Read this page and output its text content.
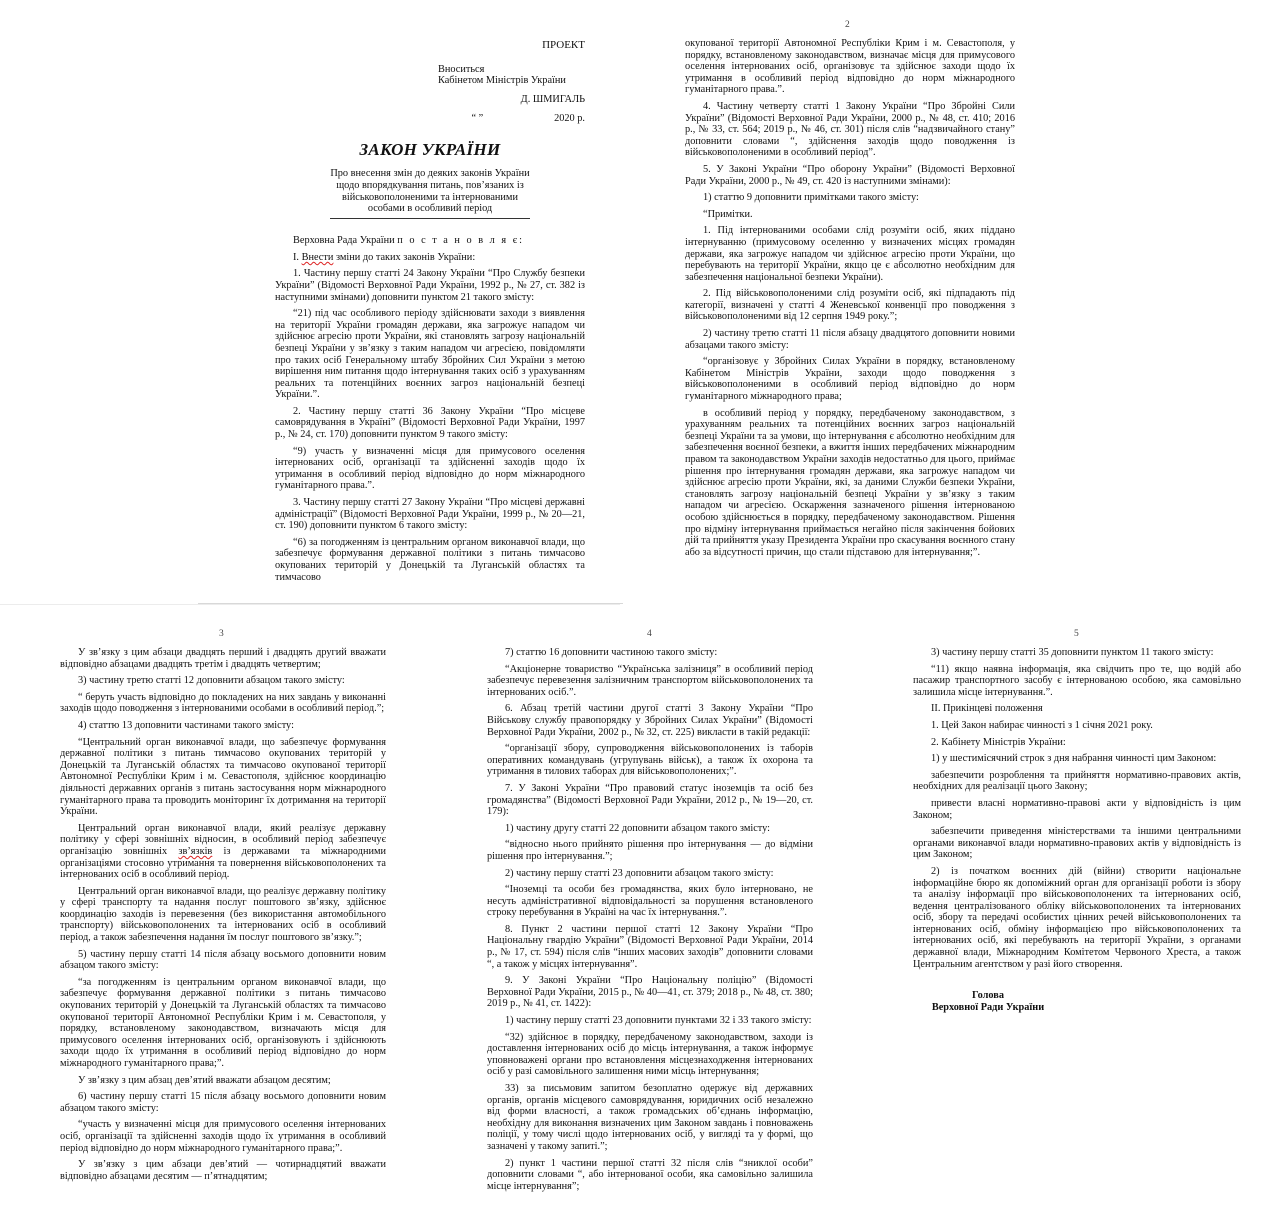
ПРОЕКТ
Вноситься
Кабінетом Міністрів України
Д. ШМИГАЛЬ
“ ”	2020 р.
ЗАКОН УКРАЇНИ
Про внесення змін до деяких законів України щодо впорядкування питань, пов’язаних із військовополоненими та інтернованими особами в особливий період

Верховна Рада України п о с т а н о в л я є:

І. Внести зміни до таких законів України:

1. Частину першу статті 24 Закону України “Про Службу безпеки України” (Відомості Верховної Ради України, 1992 р., № 27, ст. 382 із наступними змінами) доповнити пунктом 21 такого змісту:

“21) під час особливого періоду здійснювати заходи з виявлення на території України громадян держави, яка загрожує нападом чи здійснює агресію проти України, які становлять загрозу національній безпеці України у зв’язку з таким нападом чи агресією, повідомляти про таких осіб Генеральному штабу Збройних Сил України з метою вирішення ним питання щодо інтернування таких осіб з урахуванням реальних та потенційних воєнних загроз національній безпеці України.”.

2. Частину першу статті 36 Закону України “Про місцеве самоврядування в Україні” (Відомості Верховної Ради України, 1997 р., № 24, ст. 170) доповнити пунктом 9 такого змісту:

“9) участь у визначенні місця для примусового оселення інтернованих осіб, організації та здійсненні заходів щодо їх утримання в особливий період відповідно до норм міжнародного гуманітарного права.”.

3. Частину першу статті 27 Закону України “Про місцеві державні адміністрації” (Відомості Верховної Ради України, 1999 р., № 20—21, ст. 190) доповнити пунктом 6 такого змісту:

“6) за погодженням із центральним органом виконавчої влади, що забезпечує формування державної політики з питань тимчасово окупованих територій у Донецькій та Луганській областях та тимчасово

2

окупованої території Автономної Республіки Крим і м. Севастополя, у порядку, встановленому законодавством, визначає місця для примусового оселення інтернованих осіб, організовує та здійснює заходи щодо їх утримання в особливий період відповідно до норм міжнародного гуманітарного права.”.

4. Частину четверту статті 1 Закону України “Про Збройні Сили України” (Відомості Верховної Ради України, 2000 р., № 48, ст. 410; 2016 р., № 33, ст. 564; 2019 р., № 46, ст. 301) після слів “надзвичайного стану” доповнити словами “, здійснення заходів щодо поводження із військовополоненими в особливий період”.

5. У Законі України “Про оборону України” (Відомості Верховної Ради України, 2000 р., № 49, ст. 420 із наступними змінами):

1) статтю 9 доповнити примітками такого змісту:

“Примітки.

1. Під інтернованими особами слід розуміти осіб, яких піддано інтернуванню (примусовому оселенню у визначених місцях громадян держави, яка загрожує нападом чи здійснює агресію проти України, що перебувають на території України, якщо це є абсолютно необхідним для забезпечення національної безпеки України).

2. Під військовополоненими слід розуміти осіб, які підпадають під категорії, визначені у статті 4 Женевської конвенції про поводження з військовополоненими від 12 серпня 1949 року.”;

2) частину третю статті 11 після абзацу двадцятого доповнити новими абзацами такого змісту:

“організовує у Збройних Силах України в порядку, встановленому Кабінетом Міністрів України, заходи щодо поводження з військовополоненими в особливий період відповідно до норм гуманітарного міжнародного права;

в особливий період у порядку, передбаченому законодавством, з урахуванням реальних та потенційних воєнних загроз національній безпеці України та за умови, що інтернування є абсолютно необхідним для забезпечення воєнної безпеки, а вжиття інших передбачених міжнародним правом та законодавством України заходів недостатньо для цього, приймає рішення про інтернування громадян держави, яка загрожує нападом чи здійснює агресію проти України, які, за даними Служби безпеки України, становлять загрозу національній безпеці України у зв’язку з таким нападом чи агресією. Оскарження зазначеного рішення інтернованою особою здійснюється в порядку, передбаченому законодавством. Рішення про відміну інтернування приймається негайно після закінчення бойових дій та прийняття указу Президента України про скасування воєнного стану або за відсутності причин, що стали підставою для інтернування;”.

3

У зв’язку з цим абзаци двадцять перший і двадцять другий вважати відповідно абзацами двадцять третім і двадцять четвертим;

3) частину третю статті 12 доповнити абзацом такого змісту:

“ беруть участь відповідно до покладених на них завдань у виконанні заходів щодо поводження з інтернованими особами в особливий період.”;

4) статтю 13 доповнити частинами такого змісту:

“Центральний орган виконавчої влади, що забезпечує формування державної політики з питань тимчасово окупованих територій у Донецькій та Луганській областях та тимчасово окупованої території Автономної Республіки Крим і м. Севастополя, здійснює координацію діяльності державних органів з питань застосування норм міжнародного гуманітарного права та проводить моніторинг їх дотримання на території України.

Центральний орган виконавчої влади, який реалізує державну політику у сфері зовнішніх відносин, в особливий період забезпечує організацію зовнішніх зв’язків із державами та міжнародними організаціями стосовно утримання та повернення військовополонених та інтернованих осіб в особливий період.

Центральний орган виконавчої влади, що реалізує державну політику у сфері транспорту та надання послуг поштового зв’язку, здійснює координацію заходів із перевезення (без використання автомобільного транспорту) військовополонених та інтернованих осіб в особливий період, а також забезпечення надання їм послуг поштового зв’язку.”;

5) частину першу статті 14 після абзацу восьмого доповнити новим абзацом такого змісту:

“за погодженням із центральним органом виконавчої влади, що забезпечує формування державної політики з питань тимчасово окупованих територій у Донецькій та Луганській областях та тимчасово окупованої території Автономної Республіки Крим і м. Севастополя, у порядку, встановленому законодавством, визначають місця для примусового оселення інтернованих осіб, організовують і здійснюють заходи щодо їх утримання в особливий період відповідно до норм міжнародного гуманітарного права;”.

У зв’язку з цим абзац дев’ятий вважати абзацом десятим;

6) частину першу статті 15 після абзацу восьмого доповнити новим абзацом такого змісту:

“участь у визначенні місця для примусового оселення інтернованих осіб, організації та здійсненні заходів щодо їх утримання в особливий період відповідно до норм міжнародного гуманітарного права;”.

У зв’язку з цим абзаци дев’ятий — чотирнадцятий вважати відповідно абзацами десятим — п’ятнадцятим;

4

7) статтю 16 доповнити частиною такого змісту:

“Акціонерне товариство “Українська залізниця” в особливий період забезпечує перевезення залізничним транспортом військовополонених та інтернованих осіб.”.

6. Абзац третій частини другої статті 3 Закону України “Про Військову службу правопорядку у Збройних Силах України” (Відомості Верховної Ради України, 2002 р., № 32, ст. 225) викласти в такій редакції:

“організації збору, супроводження військовополонених із таборів оперативних командувань (угрупувань військ), а також їх охорона та утримання в тилових таборах для військовополонених;”.

7. У Законі України “Про правовий статус іноземців та осіб без громадянства” (Відомості Верховної Ради України, 2012 р., № 19—20, ст. 179):

1) частину другу статті 22 доповнити абзацом такого змісту:

“відносно нього прийнято рішення про інтернування — до відміни рішення про інтернування.”;

2) частину першу статті 23 доповнити абзацом такого змісту:

“Іноземці та особи без громадянства, яких було інтерновано, не несуть адміністративної відповідальності за порушення встановленого строку перебування в Україні на час їх інтернування.”.

8. Пункт 2 частини першої статті 12 Закону України “Про Національну гвардію України” (Відомості Верховної Ради України, 2014 р., № 17, ст. 594) після слів “інших масових заходів” доповнити словами “, а також у місцях інтернування”.

9. У Законі України “Про Національну поліцію” (Відомості Верховної Ради України, 2015 р., № 40—41, ст. 379; 2018 р., № 48, ст. 380; 2019 р., № 41, ст. 1422):

1) частину першу статті 23 доповнити пунктами 32 і 33 такого змісту:

“32) здійснює в порядку, передбаченому законодавством, заходи із доставлення інтернованих осіб до місць інтернування, а також інформує уповноважені органи про встановлення місцезнаходження інтернованих осіб у разі самовільного залишення ними місць інтернування;

33) за письмовим запитом безоплатно одержує від державних органів, органів місцевого самоврядування, юридичних осіб незалежно від форми власності, а також громадських об’єднань інформацію, необхідну для виконання визначених цим Законом завдань і повноважень поліції, у тому числі щодо інтернованих осіб, у вигляді та у формі, що зазначені у такому запиті.”;

2) пункт 1 частини першої статті 32 після слів “зниклої особи” доповнити словами “, або інтернованої особи, яка самовільно залишила місце інтернування”;

5

3) частину першу статті 35 доповнити пунктом 11 такого змісту:

“11) якщо наявна інформація, яка свідчить про те, що водій або пасажир транспортного засобу є інтернованою особою, яка самовільно залишила місце інтернування.”.

ІІ. Прикінцеві положення

1. Цей Закон набирає чинності з 1 січня 2021 року.

2. Кабінету Міністрів України:

1) у шестимісячний строк з дня набрання чинності цим Законом:

забезпечити розроблення та прийняття нормативно-правових актів, необхідних для реалізації цього Закону;

привести власні нормативно-правові акти у відповідність із цим Законом;

забезпечити приведення міністерствами та іншими центральними органами виконавчої влади нормативно-правових актів у відповідність із цим Законом;

2) із початком воєнних дій (війни) створити національне інформаційне бюро як допоміжний орган для організації роботи із збору та аналізу інформації про військовополонених та інтернованих осіб, ведення централізованого обліку військовополонених та інтернованих осіб, збору та передачі особистих цінних речей військовополонених та інтернованих осіб, обміну інформацією про військовополонених та інтернованих осіб, які перебувають на території України, з органами державної влади, Міжнародним Комітетом Червоного Хреста, а також Центральним агентством у разі його створення.

Голова
Верховної Ради України
